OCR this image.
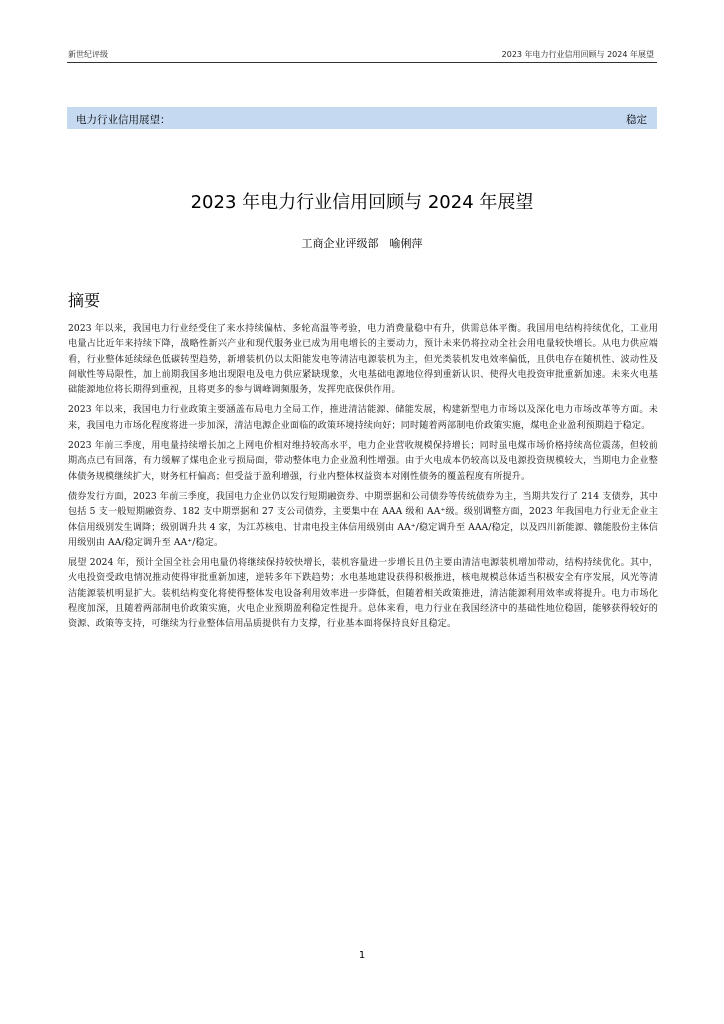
新世纪评级	2023 年电力行业信用回顾与 2024 年展望
电力行业信用展望：	稳定
2023 年电力行业信用回顾与 2024 年展望
工商企业评级部　喻俐萍
摘要

2023 年以来，我国电力行业经受住了来水持续偏枯、多轮高温等考验，电力消费量稳中有升，供需总体平衡。我国用电结构持续优化，工业用电量占比近年来持续下降，战略性新兴产业和现代服务业已成为用电增长的主要动力，预计未来仍将拉动全社会用电量较快增长。从电力供应端看，行业整体延续绿色低碳转型趋势，新增装机仍以太阳能发电等清洁电源装机为主，但光类装机发电效率偏低，且供电存在随机性、波动性及间歇性等局限性，加上前期我国多地出现限电及电力供应紧缺现象，火电基础电源地位得到重新认识、使得火电投资审批重新加速。未来火电基础能源地位将长期得到重视，且将更多的参与调峰调频服务，发挥兜底保供作用。

2023 年以来，我国电力行业政策主要涵盖布局电力全局工作，推进清洁能源、储能发展，构建新型电力市场以及深化电力市场改革等方面。未来，我国电力市场化程度将进一步加深，清洁电源企业面临的政策环境持续向好；同时随着两部制电价政策实施，煤电企业盈利预期趋于稳定。

2023 年前三季度，用电量持续增长加之上网电价相对维持较高水平，电力企业营收规模保持增长；同时虽电煤市场价格持续高位震荡，但较前期高点已有回落，有力缓解了煤电企业亏损局面，带动整体电力企业盈利性增强。由于火电成本仍较高以及电源投资规模较大，当期电力企业整体债务规模继续扩大，财务杠杆偏高；但受益于盈利增强，行业内整体权益资本对刚性债务的覆盖程度有所提升。

债券发行方面，2023 年前三季度，我国电力企业仍以发行短期融资券、中期票据和公司债券等传统债券为主，当期共发行了 214 支债券，其中包括 5 支一般短期融资券、182 支中期票据和 27 支公司债券，主要集中在 AAA 级和 AA⁺级。级别调整方面，2023 年我国电力行业无企业主体信用级别发生调降；级别调升共 4 家，为江苏核电、甘肃电投主体信用级别由 AA⁺/稳定调升至 AAA/稳定，以及四川新能源、赣能股份主体信用级别由 AA/稳定调升至 AA⁺/稳定。

展望 2024 年，预计全国全社会用电量仍将继续保持较快增长，装机容量进一步增长且仍主要由清洁电源装机增加带动，结构持续优化。其中，火电投资受政电情况推动使得审批重新加速，逆转多年下跌趋势；水电基地建设获得积极推进，核电规模总体适当积极安全有序发展，风光等清洁能源装机明显扩大。装机结构变化将使得整体发电设备利用效率进一步降低，但随着相关政策推进，清洁能源利用效率或将提升。电力市场化程度加深，且随着两部制电价政策实施，火电企业预期盈利稳定性提升。总体来看，电力行业在我国经济中的基础性地位稳固，能够获得较好的资源、政策等支持，可继续为行业整体信用品质提供有力支撑，行业基本面将保持良好且稳定。

1
